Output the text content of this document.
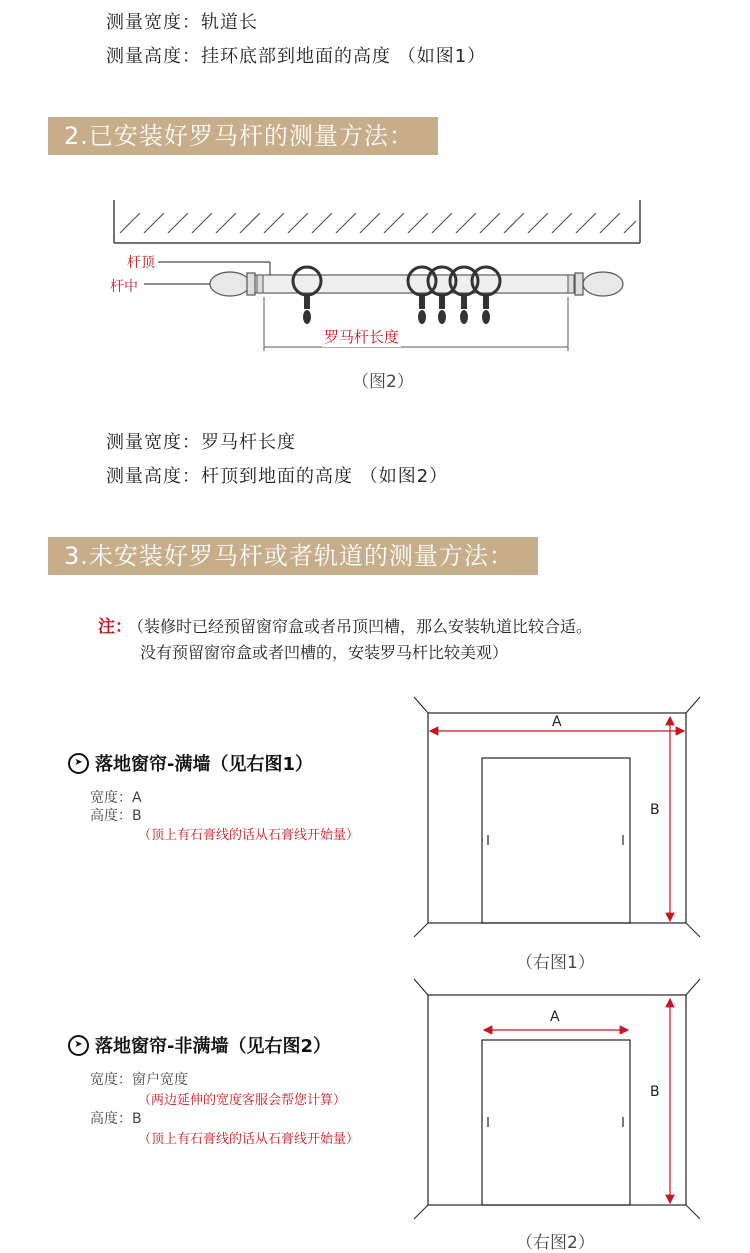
测量宽度：轨道长
测量高度：挂环底部到地面的高度 （如图1）
2.已安装好罗马杆的测量方法：
杆顶
杆中
罗马杆长度
（图2）
测量宽度：罗马杆长度
测量高度：杆顶到地面的高度 （如图2）
3.未安装好罗马杆或者轨道的测量方法：
注：
（装修时已经预留窗帘盒或者吊顶凹槽，那么安装轨道比较合适。
没有预留窗帘盒或者凹槽的，安装罗马杆比较美观）
➤ 落地窗帘-满墙（见右图1）
宽度：A
高度：B
（顶上有石膏线的话从石膏线开始量）
A
B
（右图1）
➤ 落地窗帘-非满墙（见右图2）
宽度：窗户宽度
（两边延伸的宽度客服会帮您计算）
高度：B
（顶上有石膏线的话从石膏线开始量）
A
B
（右图2）
